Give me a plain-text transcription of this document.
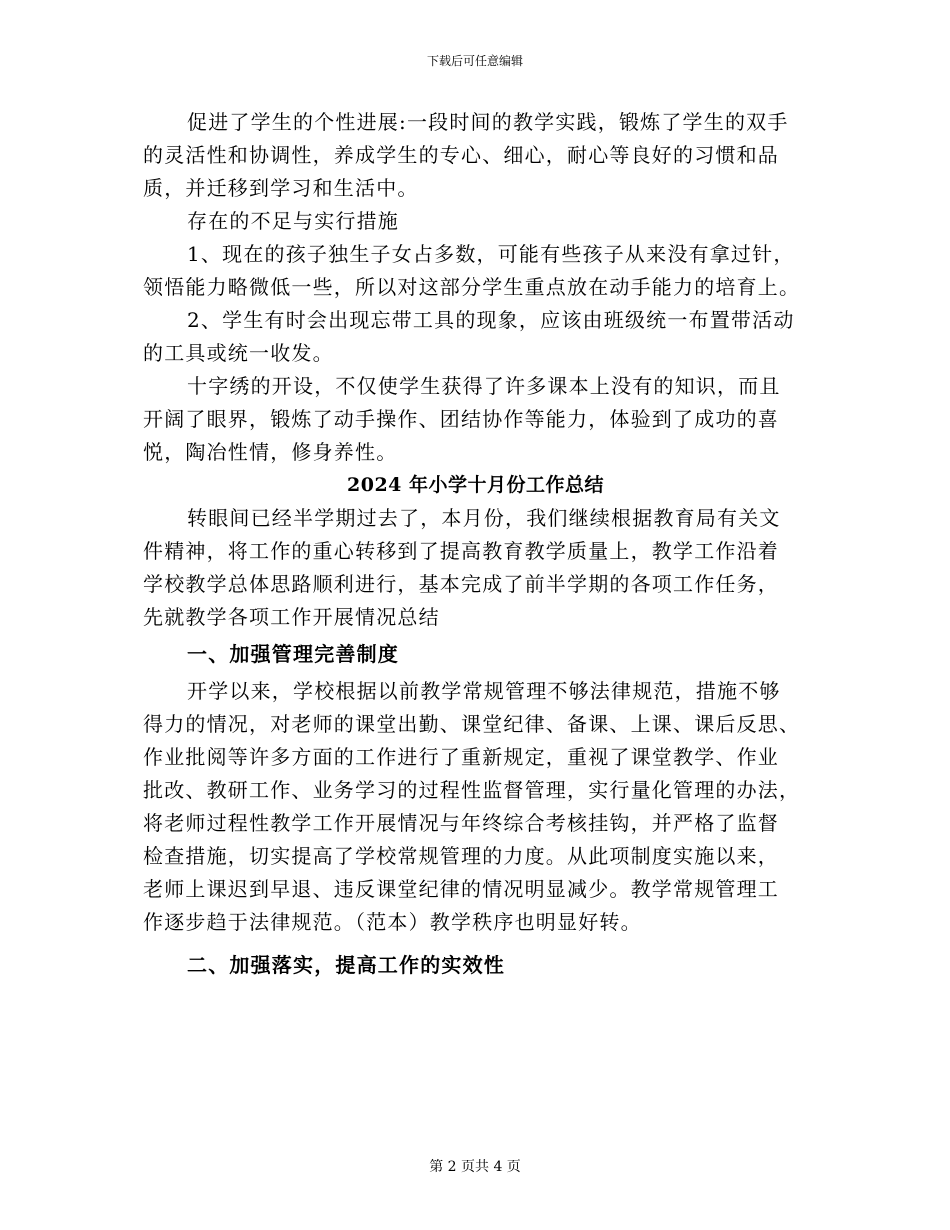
下载后可任意编辑
促进了学生的个性进展:一段时间的教学实践，锻炼了学生的双手
的灵活性和协调性，养成学生的专心、细心，耐心等良好的习惯和品
质，并迁移到学习和生活中。
存在的不足与实行措施
1、现在的孩子独生子女占多数，可能有些孩子从来没有拿过针，
领悟能力略微低一些，所以对这部分学生重点放在动手能力的培育上。
2、学生有时会出现忘带工具的现象，应该由班级统一布置带活动
的工具或统一收发。
十字绣的开设，不仅使学生获得了许多课本上没有的知识，而且
开阔了眼界，锻炼了动手操作、团结协作等能力，体验到了成功的喜
悦，陶冶性情，修身养性。
2024 年小学十月份工作总结
转眼间已经半学期过去了，本月份，我们继续根据教育局有关文
件精神，将工作的重心转移到了提高教育教学质量上，教学工作沿着
学校教学总体思路顺利进行，基本完成了前半学期的各项工作任务，
先就教学各项工作开展情况总结
一、加强管理完善制度
开学以来，学校根据以前教学常规管理不够法律规范，措施不够
得力的情况，对老师的课堂出勤、课堂纪律、备课、上课、课后反思、
作业批阅等许多方面的工作进行了重新规定，重视了课堂教学、作业
批改、教研工作、业务学习的过程性监督管理，实行量化管理的办法，
将老师过程性教学工作开展情况与年终综合考核挂钩，并严格了监督
检查措施，切实提高了学校常规管理的力度。从此项制度实施以来，
老师上课迟到早退、违反课堂纪律的情况明显减少。教学常规管理工
作逐步趋于法律规范。（范本）教学秩序也明显好转。
二、加强落实，提高工作的实效性
第 2 页共 4 页
